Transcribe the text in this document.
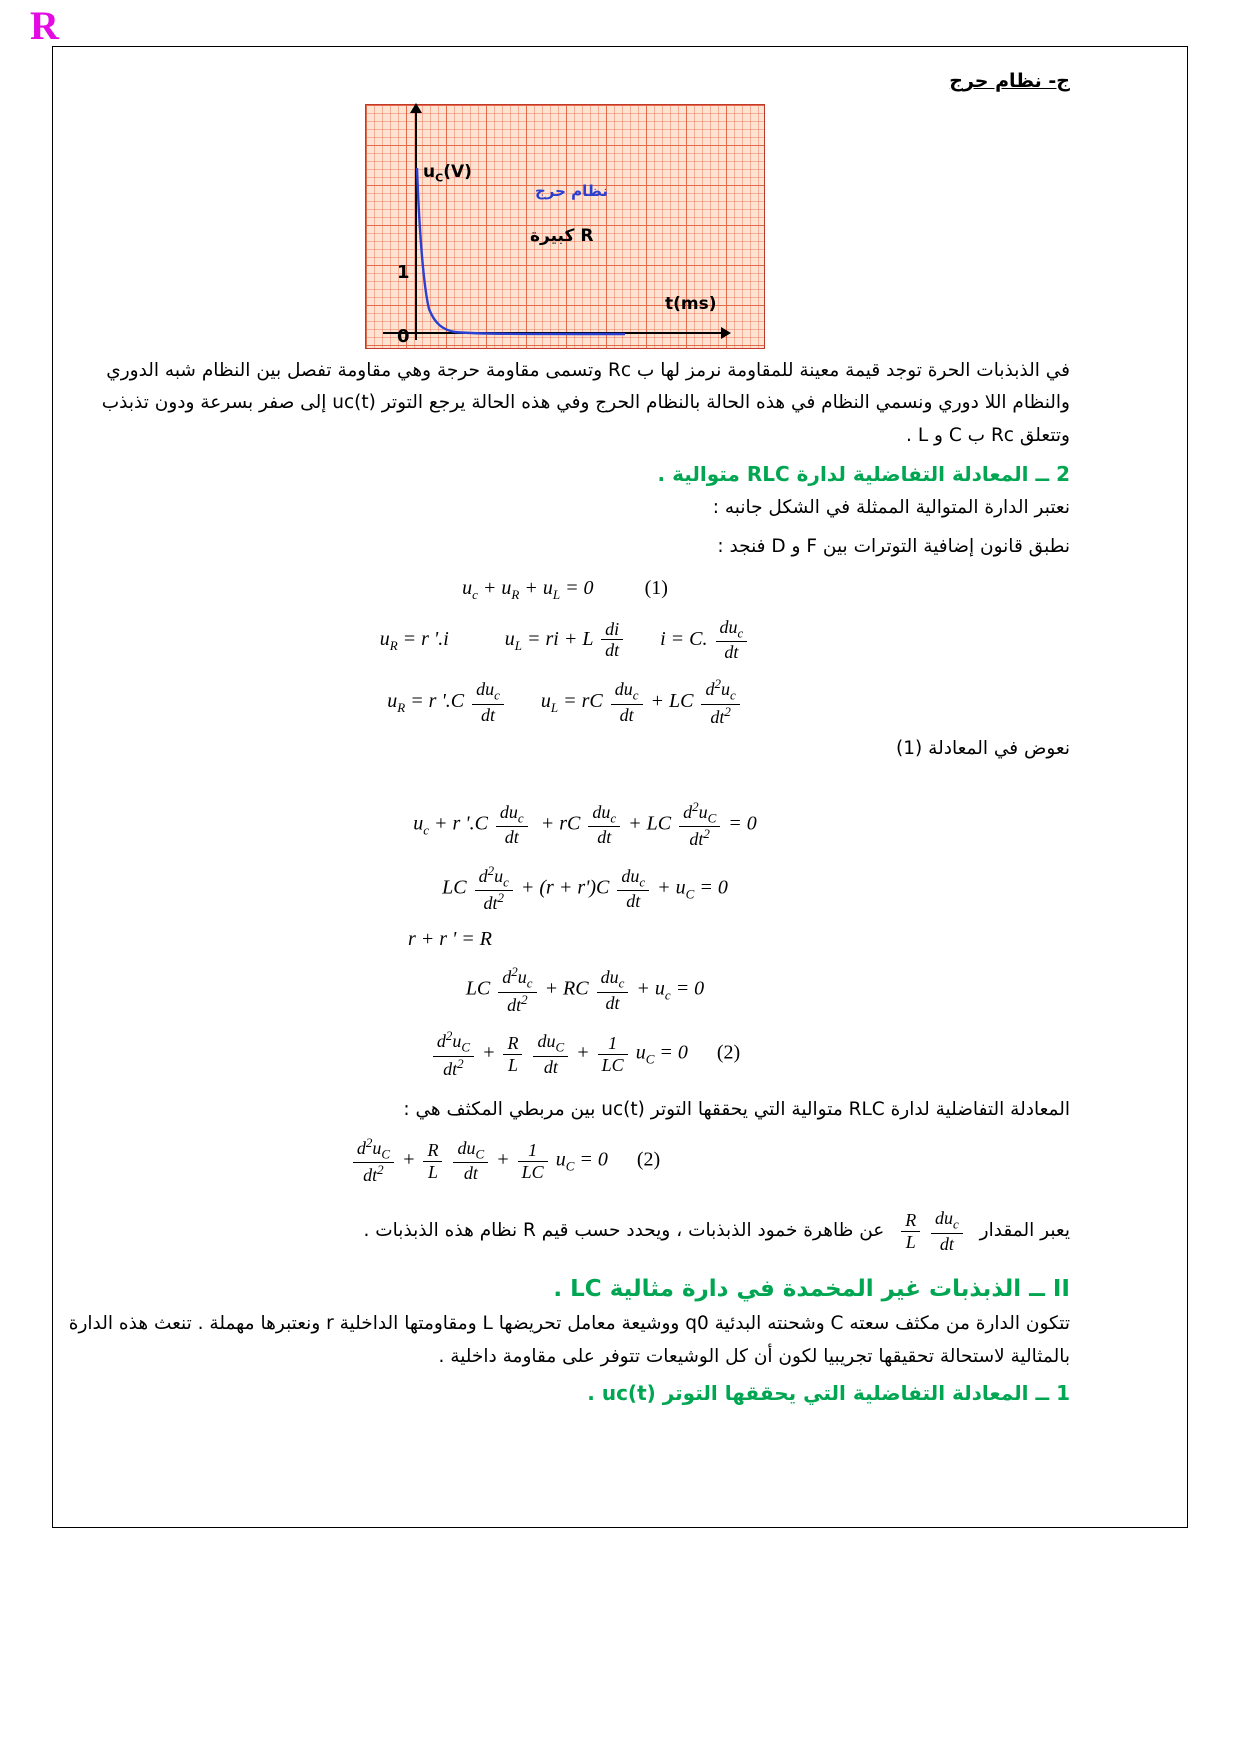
R
ج- نظام حرج
$u_C(V)$
t(ms)
1
0
نظام حرج
كبيرة R
في الذبذبات الحرة توجد قيمة معينة للمقاومة نرمز لها ب Rc وتسمى مقاومة حرجة وهي مقاومة تفصل بين النظام شبه الدوري والنظام اللا دوري ونسمي النظام في هذه الحالة بالنظام الحرج وفي هذه الحالة يرجع التوتر uc(t) إلى صفر بسرعة ودون تذبذب وتتعلق Rc ب C و L .
2 ــ المعادلة التفاضلية لدارة RLC متوالية .
نعتبر الدارة المتوالية الممثلة في الشكل جانبه :
نطبق قانون إضافية التوترات بين F و D فنجد :
$u_c + u_R + u_L = 0$ (1)
$u_R = r$ '.i	$u_L$ = ri + L $\frac{di}{dt}$ i = C. $\frac{du_c}{dt}$
$u_R = r$ '$.C \frac{du_c}{dt} u_L$ = rC $\frac{du_c}{dt}$ + LC $\frac{d^2u_c}{dt^2}$
نعوض في المعادلة (1)
$u_c + r$ '$.C \frac{du_c}{dt}$ + rC $\frac{du_c}{dt}$ + LC $\frac{d^2u_C}{dt^2} = 0$
LC $\frac{d^2u_c}{dt^2} + (r + r')C \frac{du_c}{dt} + u_C = 0$
r + r ' = R
LC $\frac{d^2u_c}{dt^2}$ + RC $\frac{du_c}{dt} + u_c = 0$
$\frac{d^2u_C}{dt^2} + \frac{R}{L}$
$\frac{du_C}{dt} + \frac{1}{LC} u_C = 0$ (2)
المعادلة التفاضلية لدارة RLC متوالية التي يحققها التوتر uc(t) بين مربطي المكثف هي :
$\frac{d^2u_C}{dt^2} + \frac{R}{L}$
$\frac{du_C}{dt} + \frac{1}{LC} u_C = 0$ (2)
يعبر المقدار
$\frac{R}{L}$
$\frac{du_c}{dt}$
عن ظاهرة خمود الذبذبات ، ويحدد حسب قيم R نظام هذه الذبذبات .
II ــ الذبذبات غير المخمدة في دارة مثالية LC .
تتكون الدارة من مكثف سعته C وشحنته البدئية q0 ووشيعة معامل تحريضها L ومقاومتها الداخلية r ونعتبرها مهملة . تنعث هذه الدارة بالمثالية لاستحالة تحقيقها تجريبيا لكون أن كل الوشيعات تتوفر على مقاومة داخلية .
1 ــ المعادلة التفاضلية التي يحققها التوتر uc(t) .
